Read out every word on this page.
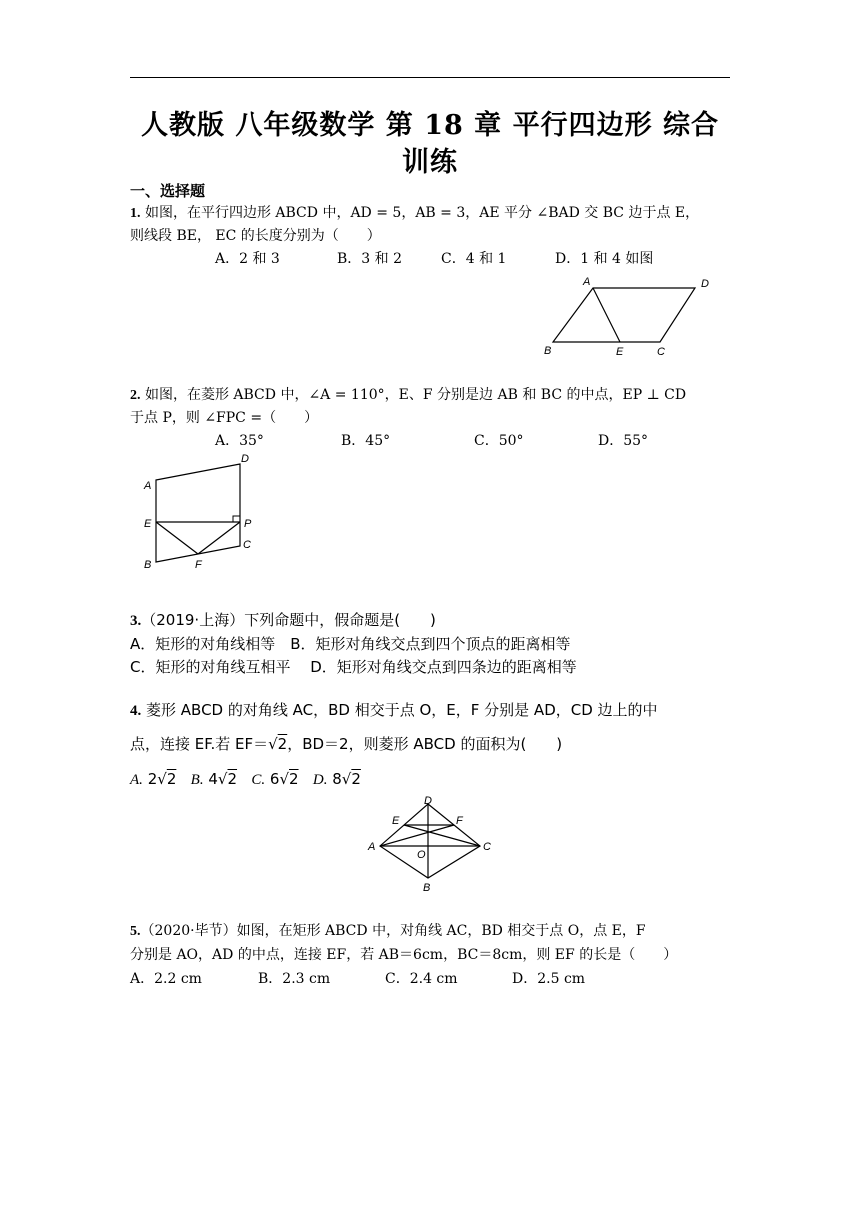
人教版 八年级数学 第 18 章 平行四边形 综合
训练
一、选择题
1. 如图，在平行四边形 ABCD 中，AD = 5，AB = 3，AE 平分 ∠BAD 交 BC 边于点 E，
则线段 BE， EC 的长度分别为（　　）
A．2 和 3	B．3 和 2	C．4 和 1	D．1 和 4 如图
A	D
B	E	C
2. 如图，在菱形 ABCD 中，∠A = 110°，E、F 分别是边 AB 和 BC 的中点，EP ⊥ CD
于点 P，则 ∠FPC =（　　）
A．35°	B．45°	C．50°	D．55°
D
A
E	P
C
B	F
3.（2019·上海）下列命题中，假命题是(　　)
A．矩形的对角线相等　B．矩形对角线交点到四个顶点的距离相等
C．矩形的对角线互相平　 D．矩形对角线交点到四条边的距离相等
4. 菱形 ABCD 的对角线 AC，BD 相交于点 O，E，F 分别是 AD，CD 边上的中
点，连接 EF.若 EF＝√2，BD＝2，则菱形 ABCD 的面积为(　　)
A. 2√2 B. 4√2 C. 6√2 D. 8√2
D
E	F
A
O
C
B
5.（2020·毕节）如图，在矩形 ABCD 中，对角线 AC，BD 相交于点 O，点 E，F
分别是 AO，AD 的中点，连接 EF，若 AB＝6cm，BC＝8cm，则 EF 的长是（　　）
A．2.2 cm	B．2.3 cm	C．2.4 cm	D．2.5 cm
